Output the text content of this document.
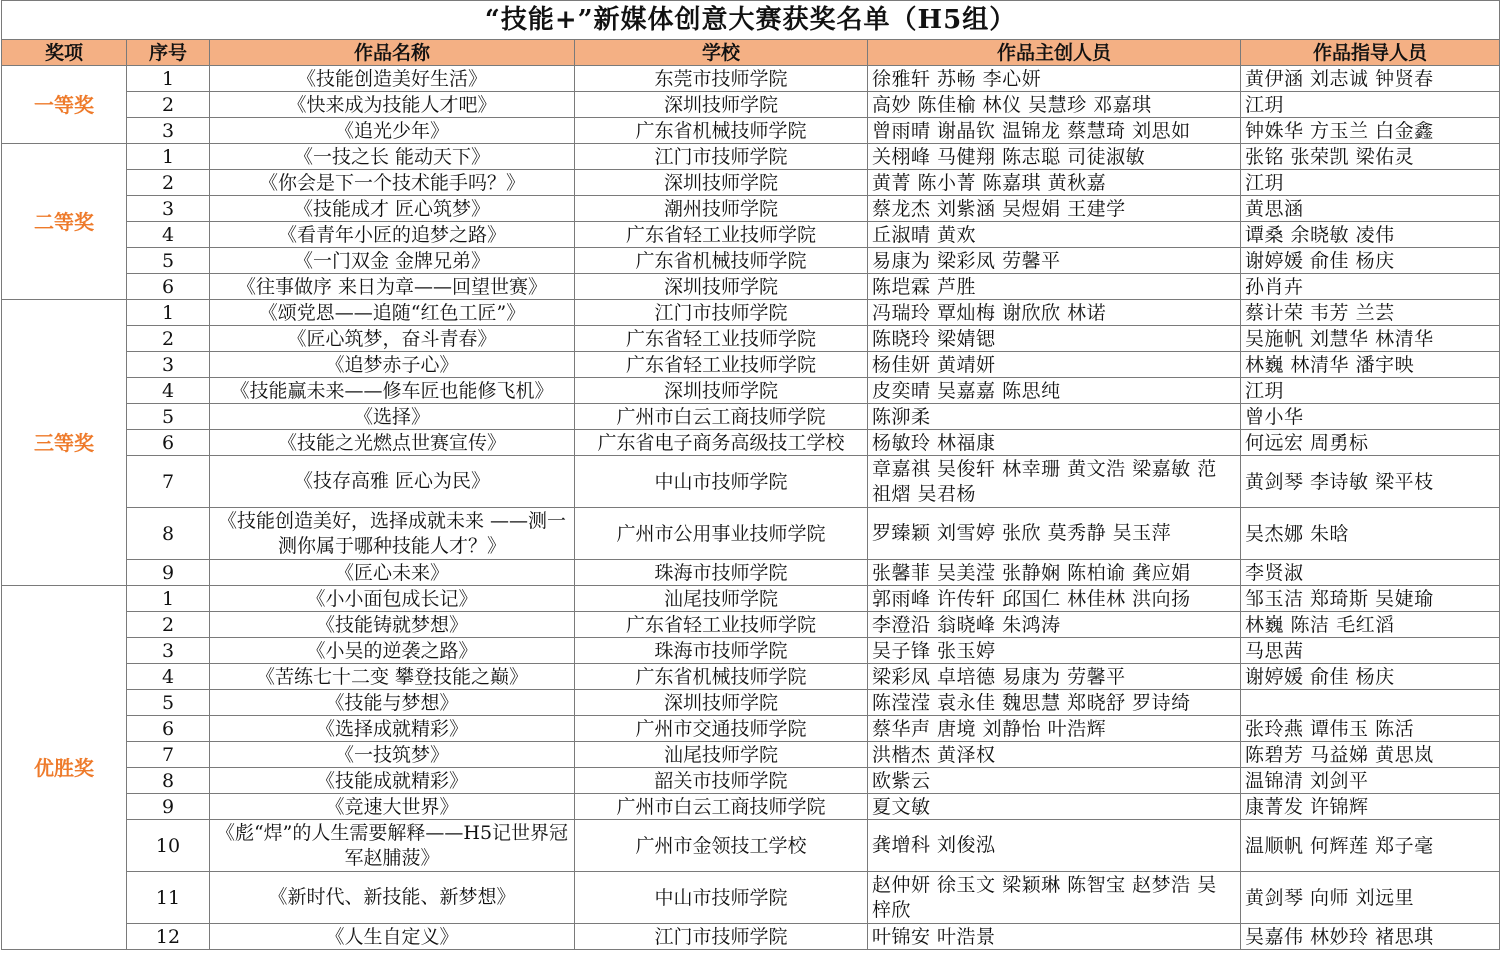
“技能+”新媒体创意大赛获奖名单（H5组）					
奖项	序号	作品名称	学校	作品主创人员	作品指导人员
一等奖	1	《技能创造美好生活》	东莞市技师学院	徐雅轩 苏畅 李心妍	黄伊涵 刘志诚 钟贤春
	2	《快来成为技能人才吧》	深圳技师学院	高妙 陈佳榆 林仪 吴慧珍 邓嘉琪	江玥
	3	《追光少年》	广东省机械技师学院	曾雨晴 谢晶钦 温锦龙 蔡慧琦 刘思如	钟姝华 方玉兰 白金鑫
二等奖	1	《一技之长 能动天下》	江门市技师学院	关栩峰 马健翔 陈志聪 司徒淑敏	张铭 张荣凯 梁佑灵
	2	《你会是下一个技术能手吗？》	深圳技师学院	黄菁 陈小菁 陈嘉琪 黄秋嘉	江玥
	3	《技能成才 匠心筑梦》	潮州技师学院	蔡龙杰 刘紫涵 吴煜娟 王建学	黄思涵
	4	《看青年小匠的追梦之路》	广东省轻工业技师学院	丘淑晴 黄欢	谭桑 余晓敏 凌伟
	5	《一门双金 金牌兄弟》	广东省机械技师学院	易康为 梁彩凤 劳馨平	谢婷媛 俞佳 杨庆
	6	《往事做序 来日为章——回望世赛》	深圳技师学院	陈垲霖 芦胜	孙肖卉
三等奖	1	《颂党恩——追随“红色工匠”》	江门市技师学院	冯瑞玲 覃灿梅 谢欣欣 林诺	蔡计荣 韦芳 兰芸
	2	《匠心筑梦，奋斗青春》	广东省轻工业技师学院	陈晓玲 梁婧锶	吴施帆 刘慧华 林清华
	3	《追梦赤子心》	广东省轻工业技师学院	杨佳妍 黄靖妍	林巍 林清华 潘宇映
	4	《技能赢未来——修车匠也能修飞机》	深圳技师学院	皮奕晴 吴嘉嘉 陈思纯	江玥
	5	《选择》	广州市白云工商技师学院	陈泖柔	曾小华
	6	《技能之光燃点世赛宣传》	广东省电子商务高级技工学校	杨敏玲 林福康	何远宏 周勇标
	7	《技存高雅 匠心为民》	中山市技师学院	章嘉祺 吴俊轩 林幸珊 黄文浩 梁嘉敏 范祖熠 吴君杨	黄剑琴 李诗敏 梁平枝
	8	《技能创造美好，选择成就未来 ——测一测你属于哪种技能人才？》	广州市公用事业技师学院	罗臻颖 刘雪婷 张欣 莫秀静 吴玉萍	吴杰娜 朱晗
	9	《匠心未来》	珠海市技师学院	张馨菲 吴美滢 张静娴 陈柏谕 龚应娟	李贤淑
优胜奖	1	《小小面包成长记》	汕尾技师学院	郭雨峰 许传轩 邱国仁 林佳林 洪向扬	邹玉洁 郑琦斯 吴婕瑜
	2	《技能铸就梦想》	广东省轻工业技师学院	李澄沿 翁晓峰 朱鸿涛	林巍 陈洁 毛红滔
	3	《小吴的逆袭之路》	珠海市技师学院	吴子锋 张玉婷	马思茜
	4	《苦练七十二变 攀登技能之巅》	广东省机械技师学院	梁彩凤 卓培德 易康为 劳馨平	谢婷媛 俞佳 杨庆
	5	《技能与梦想》	深圳技师学院	陈滢滢 袁永佳 魏思慧 郑晓舒 罗诗绮	
	6	《选择成就精彩》	广州市交通技师学院	蔡华声 唐境 刘静怡 叶浩辉	张玲燕 谭伟玉 陈活
	7	《一技筑梦》	汕尾技师学院	洪楷杰 黄泽权	陈碧芳 马益娣 黄思岚
	8	《技能成就精彩》	韶关市技师学院	欧紫云	温锦清 刘剑平
	9	《竞速大世界》	广州市白云工商技师学院	夏文敏	康菁发 许锦辉
	10	《彪“焊”的人生需要解释——H5记世界冠军赵脯菠》	广州市金领技工学校	龚增科 刘俊泓	温顺帆 何辉莲 郑子毫
	11	《新时代、新技能、新梦想》	中山市技师学院	赵仲妍 徐玉文 梁颖琳 陈智宝 赵梦浩 吴梓欣	黄剑琴 向师 刘远里
	12	《人生自定义》	江门市技师学院	叶锦安 叶浩景	吴嘉伟 林妙玲 褚思琪
